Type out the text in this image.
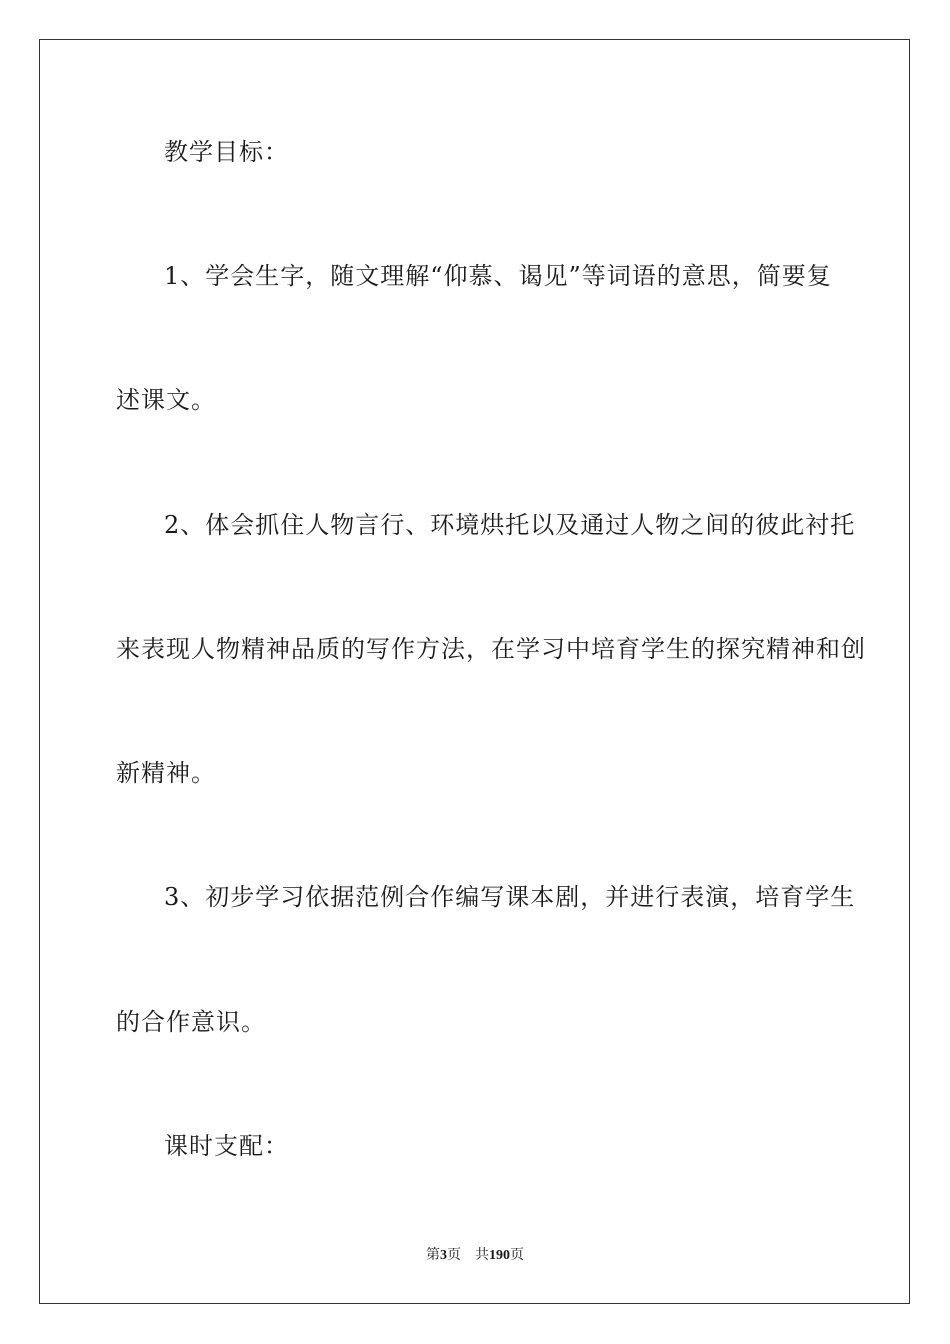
教学目标：
1、学会生字，随文理解“仰慕、谒见”等词语的意思，简要复
述课文。
2、体会抓住人物言行、环境烘托以及通过人物之间的彼此衬托
来表现人物精神品质的写作方法，在学习中培育学生的探究精神和创
新精神。
3、初步学习依据范例合作编写课本剧，并进行表演，培育学生
的合作意识。
课时支配：
第3页 共190页
